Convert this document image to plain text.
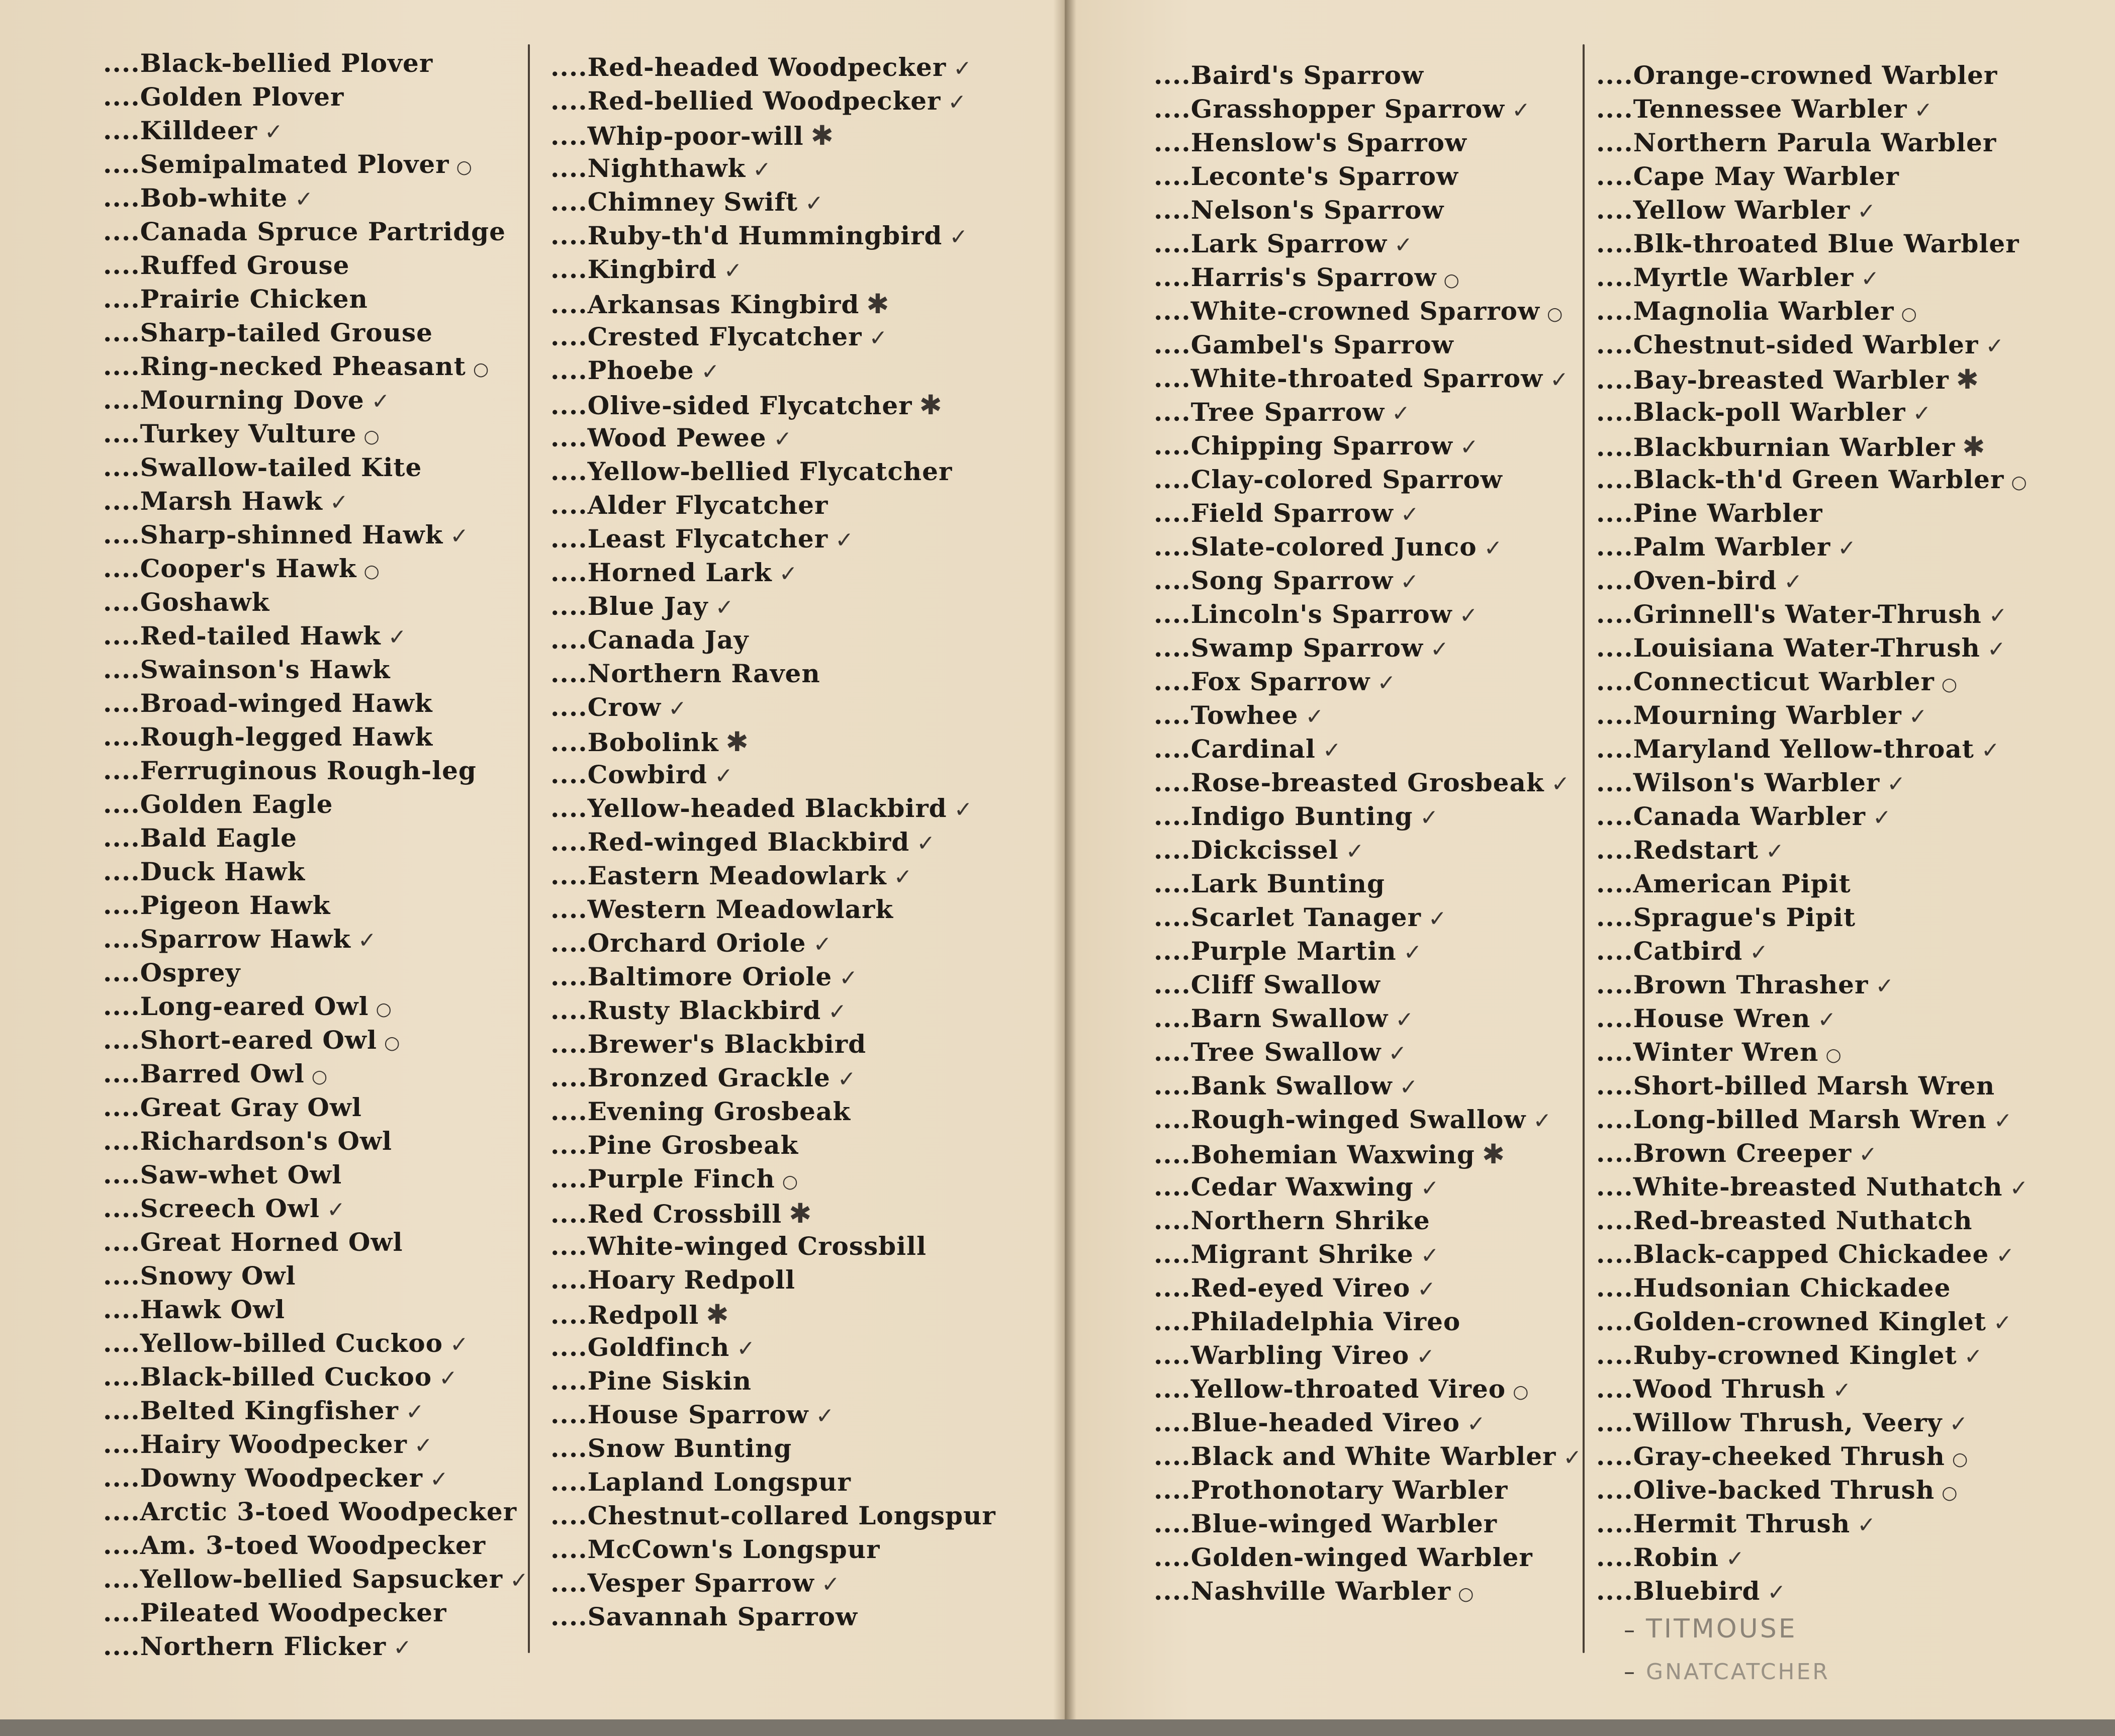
....Black-bellied Plover
....Golden Plover
....Killdeer ✓
....Semipalmated Plover ○
....Bob-white ✓
....Canada Spruce Partridge
....Ruffed Grouse
....Prairie Chicken
....Sharp-tailed Grouse
....Ring-necked Pheasant ○
....Mourning Dove ✓
....Turkey Vulture ○
....Swallow-tailed Kite
....Marsh Hawk ✓
....Sharp-shinned Hawk ✓
....Cooper's Hawk ○
....Goshawk
....Red-tailed Hawk ✓
....Swainson's Hawk
....Broad-winged Hawk
....Rough-legged Hawk
....Ferruginous Rough-leg
....Golden Eagle
....Bald Eagle
....Duck Hawk
....Pigeon Hawk
....Sparrow Hawk ✓
....Osprey
....Long-eared Owl ○
....Short-eared Owl ○
....Barred Owl ○
....Great Gray Owl
....Richardson's Owl
....Saw-whet Owl
....Screech Owl ✓
....Great Horned Owl
....Snowy Owl
....Hawk Owl
....Yellow-billed Cuckoo ✓
....Black-billed Cuckoo ✓
....Belted Kingfisher ✓
....Hairy Woodpecker ✓
....Downy Woodpecker ✓
....Arctic 3-toed Woodpecker
....Am. 3-toed Woodpecker
....Yellow-bellied Sapsucker ✓
....Pileated Woodpecker
....Northern Flicker ✓
....Red-headed Woodpecker ✓
....Red-bellied Woodpecker ✓
....Whip-poor-will ✱
....Nighthawk ✓
....Chimney Swift ✓
....Ruby-th'd Hummingbird ✓
....Kingbird ✓
....Arkansas Kingbird ✱
....Crested Flycatcher ✓
....Phoebe ✓
....Olive-sided Flycatcher ✱
....Wood Pewee ✓
....Yellow-bellied Flycatcher
....Alder Flycatcher
....Least Flycatcher ✓
....Horned Lark ✓
....Blue Jay ✓
....Canada Jay
....Northern Raven
....Crow ✓
....Bobolink ✱
....Cowbird ✓
....Yellow-headed Blackbird ✓
....Red-winged Blackbird ✓
....Eastern Meadowlark ✓
....Western Meadowlark
....Orchard Oriole ✓
....Baltimore Oriole ✓
....Rusty Blackbird ✓
....Brewer's Blackbird
....Bronzed Grackle ✓
....Evening Grosbeak
....Pine Grosbeak
....Purple Finch ○
....Red Crossbill ✱
....White-winged Crossbill
....Hoary Redpoll
....Redpoll ✱
....Goldfinch ✓
....Pine Siskin
....House Sparrow ✓
....Snow Bunting
....Lapland Longspur
....Chestnut-collared Longspur
....McCown's Longspur
....Vesper Sparrow ✓
....Savannah Sparrow
....Baird's Sparrow
....Grasshopper Sparrow ✓
....Henslow's Sparrow
....Leconte's Sparrow
....Nelson's Sparrow
....Lark Sparrow ✓
....Harris's Sparrow ○
....White-crowned Sparrow ○
....Gambel's Sparrow
....White-throated Sparrow ✓
....Tree Sparrow ✓
....Chipping Sparrow ✓
....Clay-colored Sparrow
....Field Sparrow ✓
....Slate-colored Junco ✓
....Song Sparrow ✓
....Lincoln's Sparrow ✓
....Swamp Sparrow ✓
....Fox Sparrow ✓
....Towhee ✓
....Cardinal ✓
....Rose-breasted Grosbeak ✓
....Indigo Bunting ✓
....Dickcissel ✓
....Lark Bunting
....Scarlet Tanager ✓
....Purple Martin ✓
....Cliff Swallow
....Barn Swallow ✓
....Tree Swallow ✓
....Bank Swallow ✓
....Rough-winged Swallow ✓
....Bohemian Waxwing ✱
....Cedar Waxwing ✓
....Northern Shrike
....Migrant Shrike ✓
....Red-eyed Vireo ✓
....Philadelphia Vireo
....Warbling Vireo ✓
....Yellow-throated Vireo ○
....Blue-headed Vireo ✓
....Black and White Warbler ✓
....Prothonotary Warbler
....Blue-winged Warbler
....Golden-winged Warbler
....Nashville Warbler ○
....Orange-crowned Warbler
....Tennessee Warbler ✓
....Northern Parula Warbler
....Cape May Warbler
....Yellow Warbler ✓
....Blk-throated Blue Warbler
....Myrtle Warbler ✓
....Magnolia Warbler ○
....Chestnut-sided Warbler ✓
....Bay-breasted Warbler ✱
....Black-poll Warbler ✓
....Blackburnian Warbler ✱
....Black-th'd Green Warbler ○
....Pine Warbler
....Palm Warbler ✓
....Oven-bird ✓
....Grinnell's Water-Thrush ✓
....Louisiana Water-Thrush ✓
....Connecticut Warbler ○
....Mourning Warbler ✓
....Maryland Yellow-throat ✓
....Wilson's Warbler ✓
....Canada Warbler ✓
....Redstart ✓
....American Pipit
....Sprague's Pipit
....Catbird ✓
....Brown Thrasher ✓
....House Wren ✓
....Winter Wren ○
....Short-billed Marsh Wren
....Long-billed Marsh Wren ✓
....Brown Creeper ✓
....White-breasted Nuthatch ✓
....Red-breasted Nuthatch
....Black-capped Chickadee ✓
....Hudsonian Chickadee
....Golden-crowned Kinglet ✓
....Ruby-crowned Kinglet ✓
....Wood Thrush ✓
....Willow Thrush, Veery ✓
....Gray-cheeked Thrush ○
....Olive-backed Thrush ○
....Hermit Thrush ✓
....Robin ✓
....Bluebird ✓
– TITMOUSE
– GNATCATCHER
